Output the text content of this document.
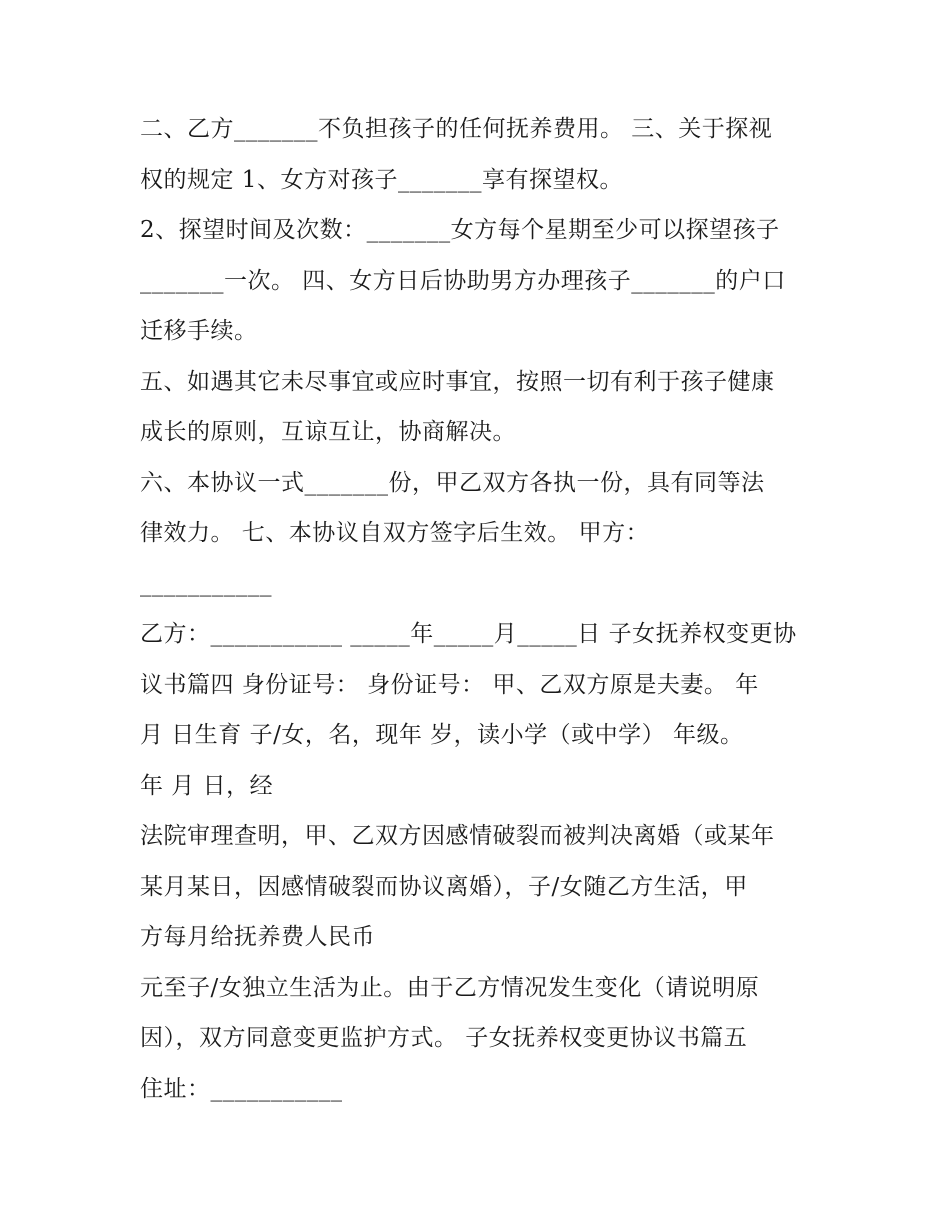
二、乙方_______不负担孩子的任何抚养费用。 三、关于探视
权的规定 1、女方对孩子_______享有探望权。
2、探望时间及次数：_______女方每个星期至少可以探望孩子
_______一次。 四、女方日后协助男方办理孩子_______的户口
迁移手续。
五、如遇其它未尽事宜或应时事宜，按照一切有利于孩子健康
成长的原则，互谅互让，协商解决。
六、本协议一式_______份，甲乙双方各执一份，具有同等法
律效力。 七、本协议自双方签字后生效。 甲方：
___________
乙方：___________ _____年_____月_____日 子女抚养权变更协
议书篇四 身份证号： 身份证号： 甲、乙双方原是夫妻。 年
月 日生育 子/女，名，现年 岁，读小学（或中学） 年级。
年 月 日，经
法院审理查明，甲、乙双方因感情破裂而被判决离婚（或某年
某月某日，因感情破裂而协议离婚），子/女随乙方生活，甲
方每月给抚养费人民币
元至子/女独立生活为止。由于乙方情况发生变化（请说明原
因），双方同意变更监护方式。 子女抚养权变更协议书篇五
住址：___________
